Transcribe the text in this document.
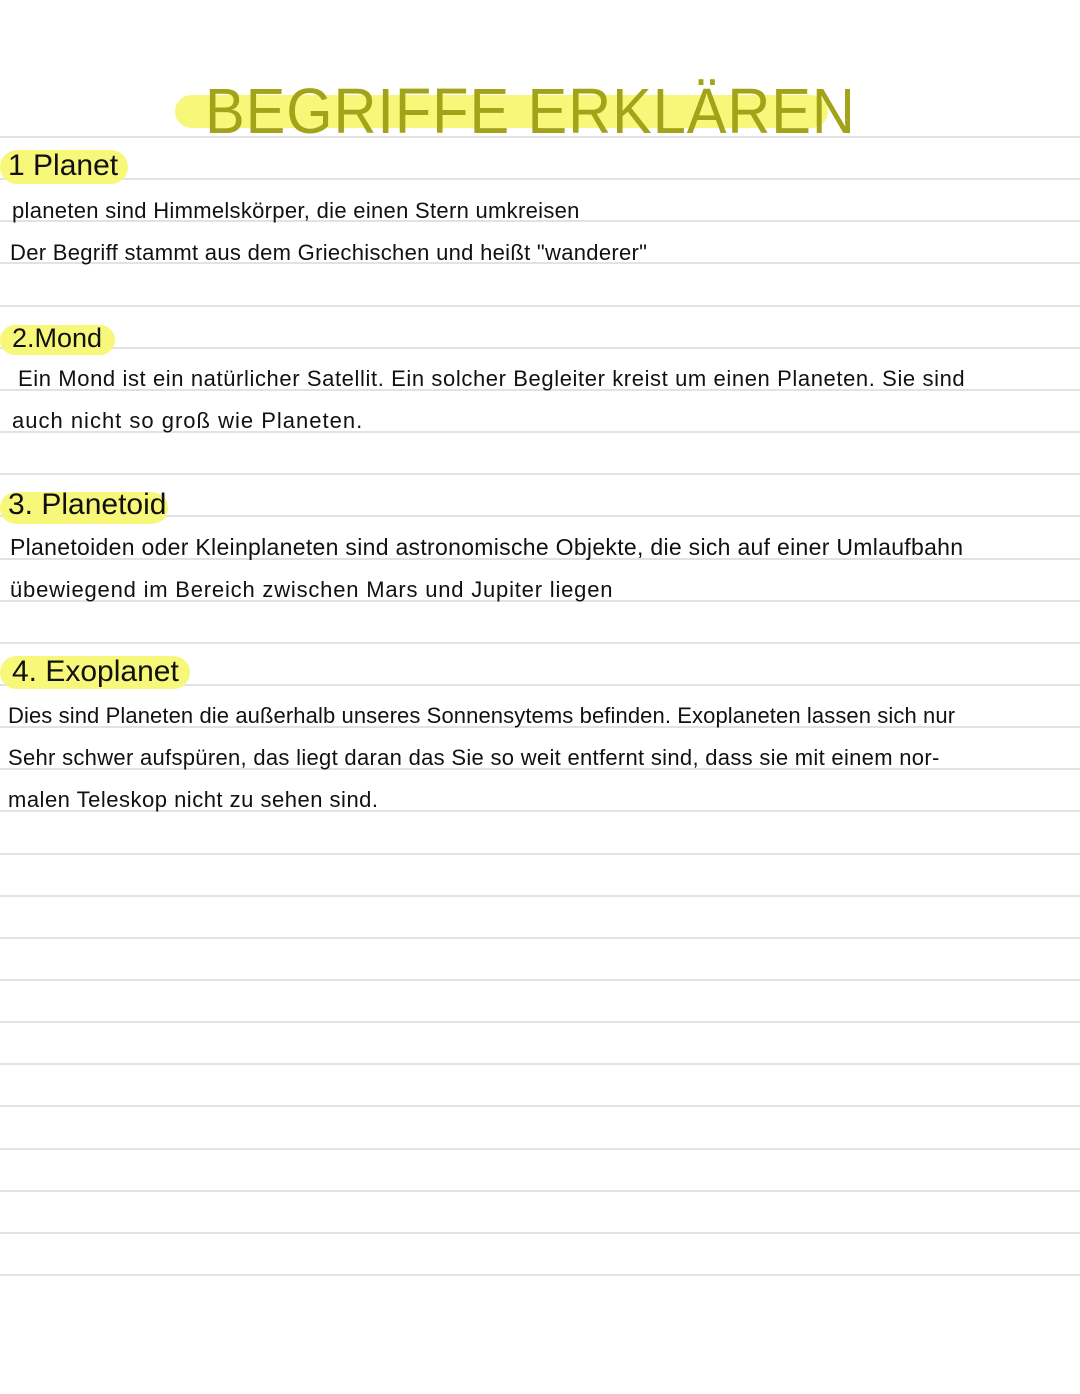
BEGRIFFE ERKLÄREN
1 Planet
planeten sind Himmelskörper, die einen Stern umkreisen
Der Begriff stammt aus dem Griechischen und heißt "wanderer"
2.Mond
Ein Mond ist ein natürlicher Satellit. Ein solcher Begleiter kreist um einen Planeten. Sie sind
auch nicht so groß wie Planeten.
3. Planetoid
Planetoiden oder Kleinplaneten sind astronomische Objekte, die sich auf einer Umlaufbahn
übewiegend im Bereich zwischen Mars und Jupiter liegen
4. Exoplanet
Dies sind Planeten die außerhalb unseres Sonnensytems befinden. Exoplaneten lassen sich nur
Sehr schwer aufspüren, das liegt daran das Sie so weit entfernt sind, dass sie mit einem nor-
malen Teleskop nicht zu sehen sind.
